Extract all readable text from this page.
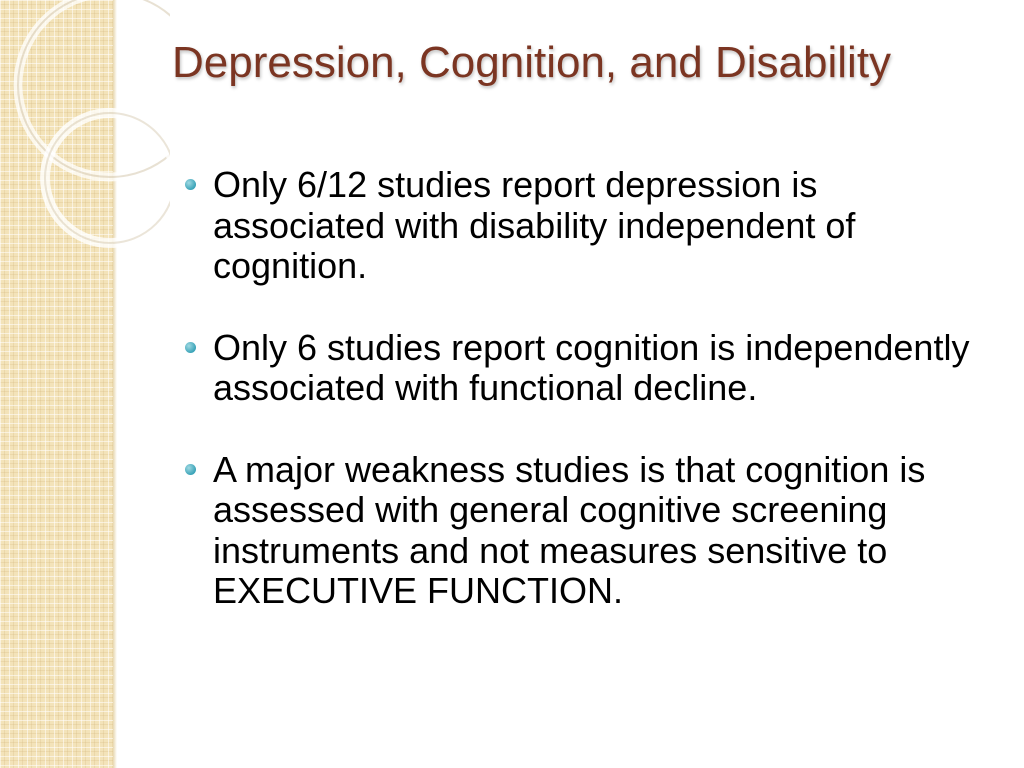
Depression, Cognition, and Disability
Only 6/12 studies report depression is associated with disability independent of cognition.
Only 6 studies report cognition is independently associated with functional decline.
A major weakness studies is that cognition is assessed with general cognitive screening instruments and not measures sensitive to EXECUTIVE FUNCTION.
